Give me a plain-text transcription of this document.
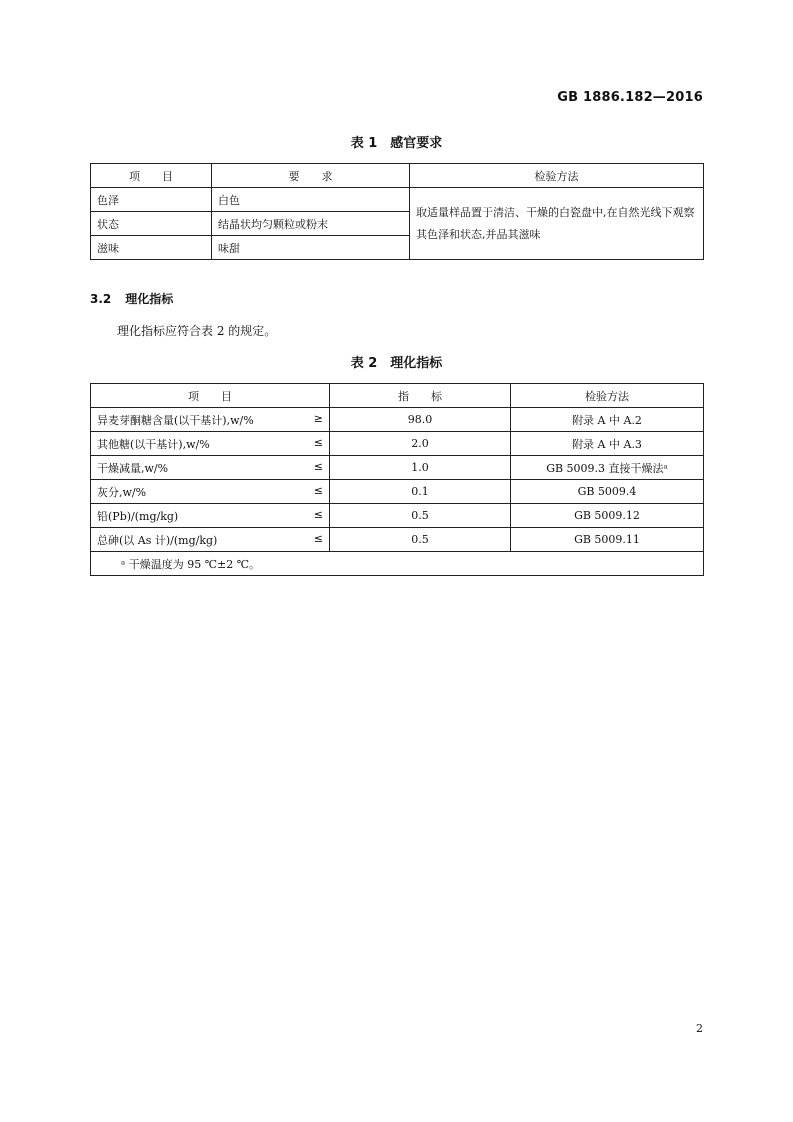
GB 1886.182—2016
表 1　感官要求
项　　目	要　　求	检验方法
色泽	白色	取适量样品置于清洁、干燥的白瓷盘中,在自然光线下观察其色泽和状态,并品其滋味
状态	结晶状均匀颗粒或粉末	
滋味	味甜	
3.2 理化指标
理化指标应符合表 2 的规定。
表 2　理化指标
项　　目	指　　标	检验方法
异麦芽酮糖含量(以干基计),w/% ≥	98.0	附录 A 中 A.2
其他糖(以干基计),w/% ≤	2.0	附录 A 中 A.3
干燥减量,w/% ≤	1.0	GB 5009.3 直接干燥法ᵃ
灰分,w/% ≤	0.1	GB 5009.4
铅(Pb)/(mg/kg) ≤	0.5	GB 5009.12
总砷(以 As 计)/(mg/kg) ≤	0.5	GB 5009.11
ᵃ 干燥温度为 95 ℃±2 ℃。		
2
